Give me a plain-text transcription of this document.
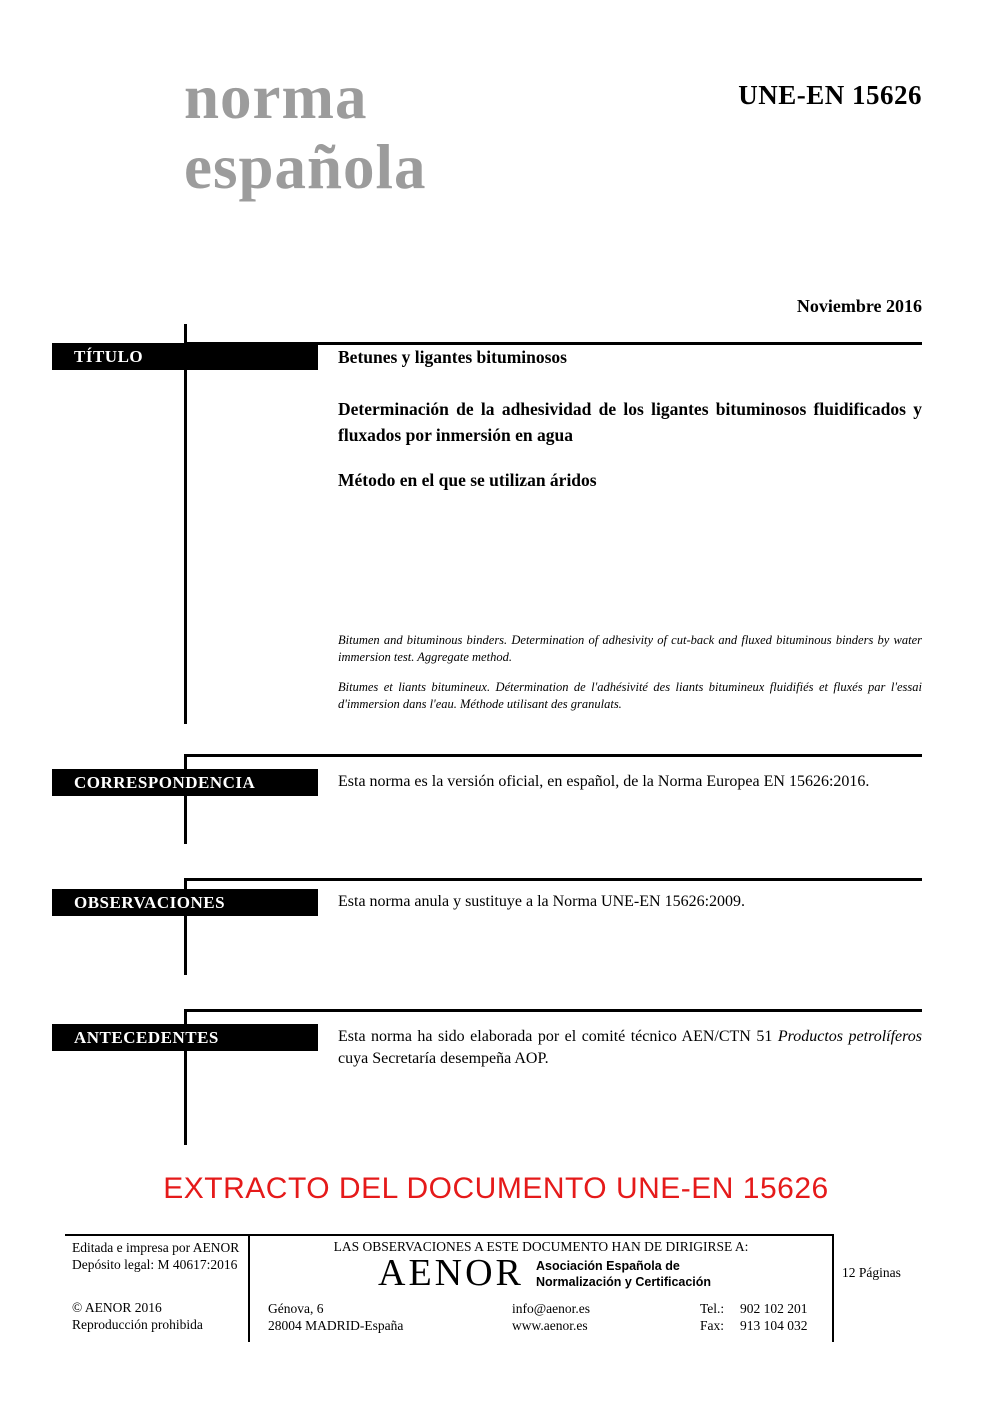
norma
española
UNE-EN 15626
Noviembre 2016
TÍTULO	Betunes y ligantes bituminosos
Determinación de la adhesividad de los ligantes bituminosos fluidificados y fluxados por inmersión en agua
Método en el que se utilizan áridos
Bitumen and bituminous binders. Determination of adhesivity of cut-back and fluxed bituminous binders by water immersion test. Aggregate method.
Bitumes et liants bitumineux. Détermination de l'adhésivité des liants bitumineux fluidifiés et fluxés par l'essai d'immersion dans l'eau. Méthode utilisant des granulats.
CORRESPONDENCIA	Esta norma es la versión oficial, en español, de la Norma Europea EN 15626:2016.
OBSERVACIONES	Esta norma anula y sustituye a la Norma UNE-EN 15626:2009.
ANTECEDENTES	Esta norma ha sido elaborada por el comité técnico AEN/CTN 51 Productos petrolíferos cuya Secretaría desempeña AOP.
EXTRACTO DEL DOCUMENTO UNE-EN 15626
Editada e impresa por AENOR
Depósito legal: M 40617:2016
© AENOR 2016
Reproducción prohibida
LAS OBSERVACIONES A ESTE DOCUMENTO HAN DE DIRIGIRSE A:
AENOR Asociación Española de
Normalización y Certificación
12 Páginas
Génova, 6
28004 MADRID-España
info@aenor.es
www.aenor.es
Tel.: 902 102 201
Fax: 913 104 032
